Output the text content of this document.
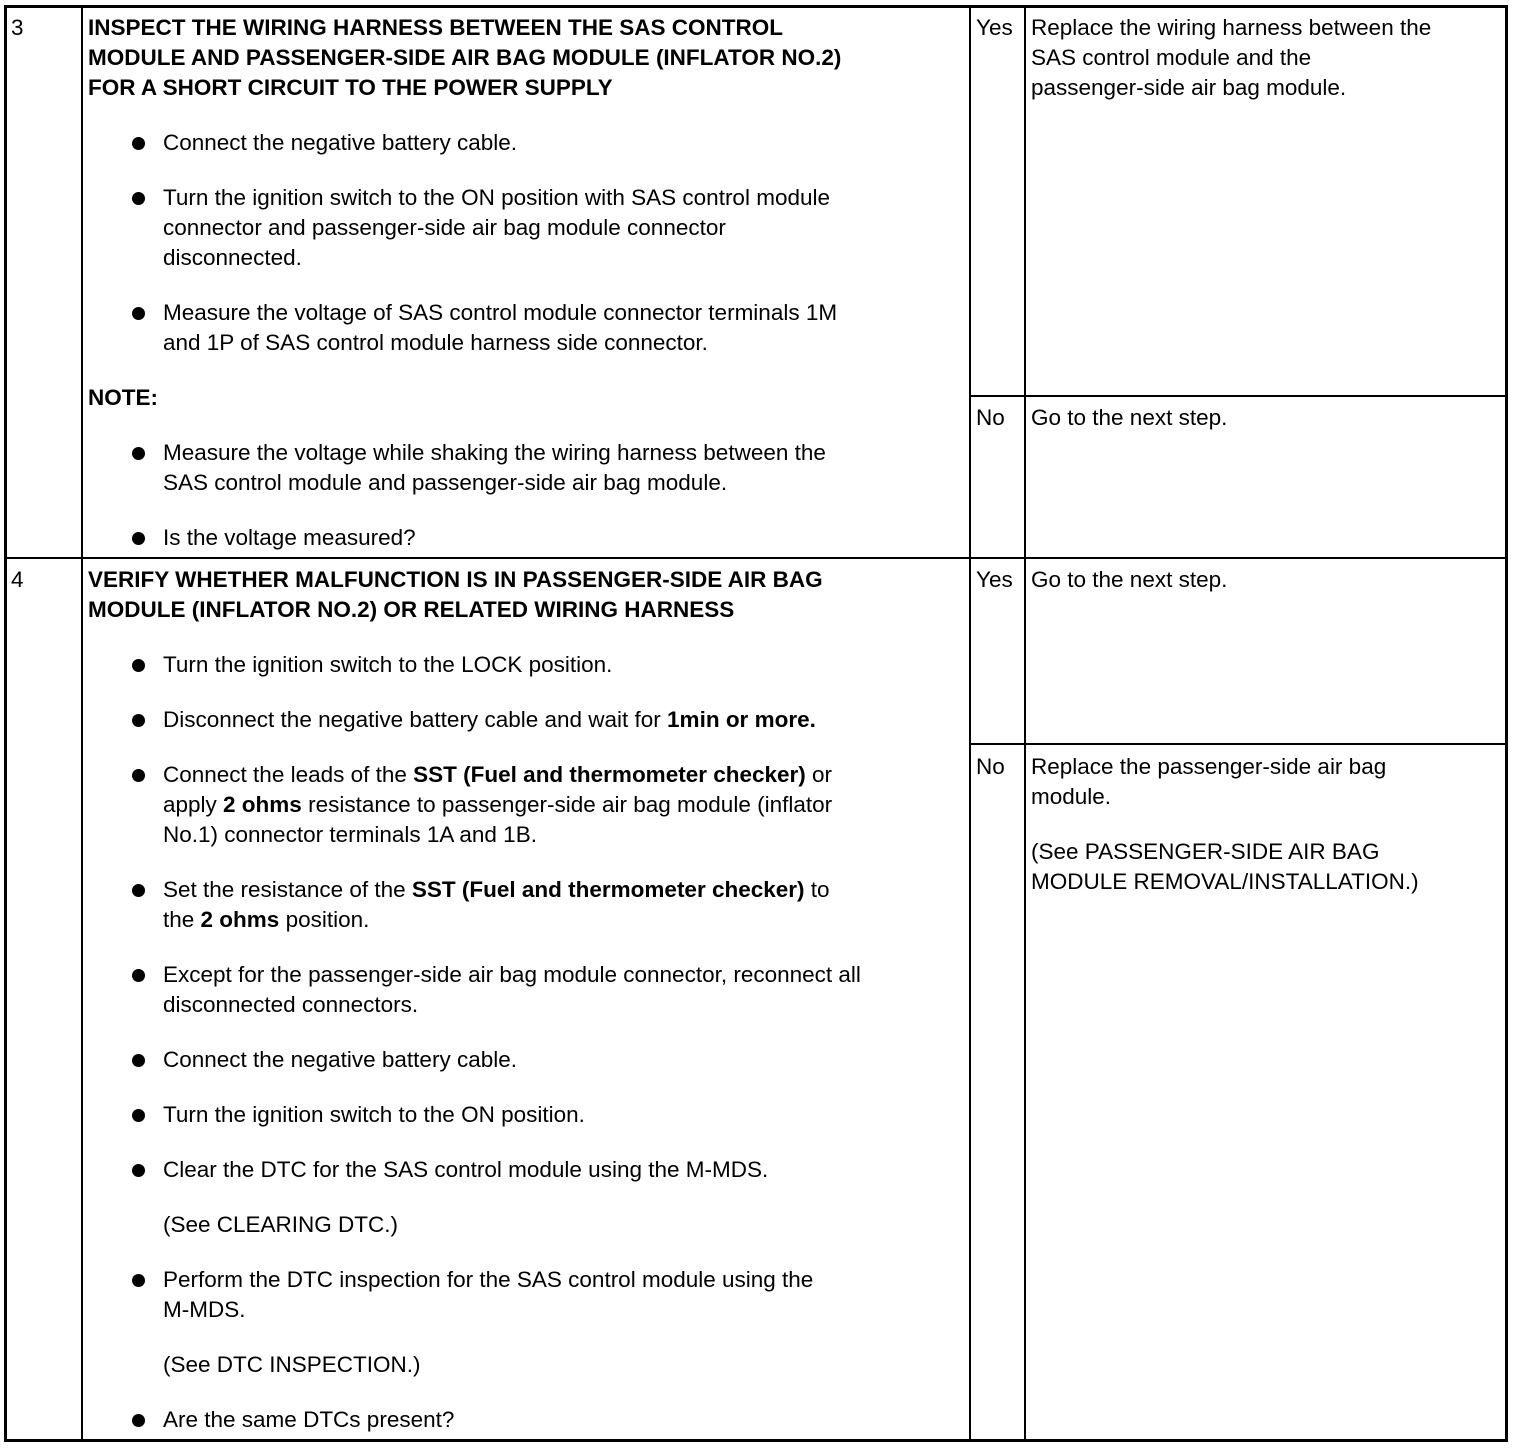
3	INSPECT THE WIRING HARNESS BETWEEN THE SAS CONTROL
MODULE AND PASSENGER-SIDE AIR BAG MODULE (INFLATOR NO.2)
FOR A SHORT CIRCUIT TO THE POWER SUPPLY
Connect the negative battery cable.
Turn the ignition switch to the ON position with SAS control module
connector and passenger-side air bag module connector
disconnected.
Measure the voltage of SAS control module connector terminals 1M
and 1P of SAS control module harness side connector.
NOTE:
Measure the voltage while shaking the wiring harness between the
SAS control module and passenger-side air bag module.
Is the voltage measured?
Yes Replace the wiring harness between the
SAS control module and the
passenger-side air bag module.
No Go to the next step.
4	VERIFY WHETHER MALFUNCTION IS IN PASSENGER-SIDE AIR BAG
MODULE (INFLATOR NO.2) OR RELATED WIRING HARNESS
Turn the ignition switch to the LOCK position.
Disconnect the negative battery cable and wait for 1min or more.
Connect the leads of the SST (Fuel and thermometer checker) or
apply 2 ohms resistance to passenger-side air bag module (inflator
No.1) connector terminals 1A and 1B.
Set the resistance of the SST (Fuel and thermometer checker) to
the 2 ohms position.
Except for the passenger-side air bag module connector, reconnect all
disconnected connectors.
Connect the negative battery cable.
Turn the ignition switch to the ON position.
Clear the DTC for the SAS control module using the M-MDS.
(See CLEARING DTC.)
Perform the DTC inspection for the SAS control module using the
M-MDS.
(See DTC INSPECTION.)
Are the same DTCs present?
Yes Go to the next step.
No Replace the passenger-side air bag
module.
(See PASSENGER-SIDE AIR BAG
MODULE REMOVAL/INSTALLATION.)
